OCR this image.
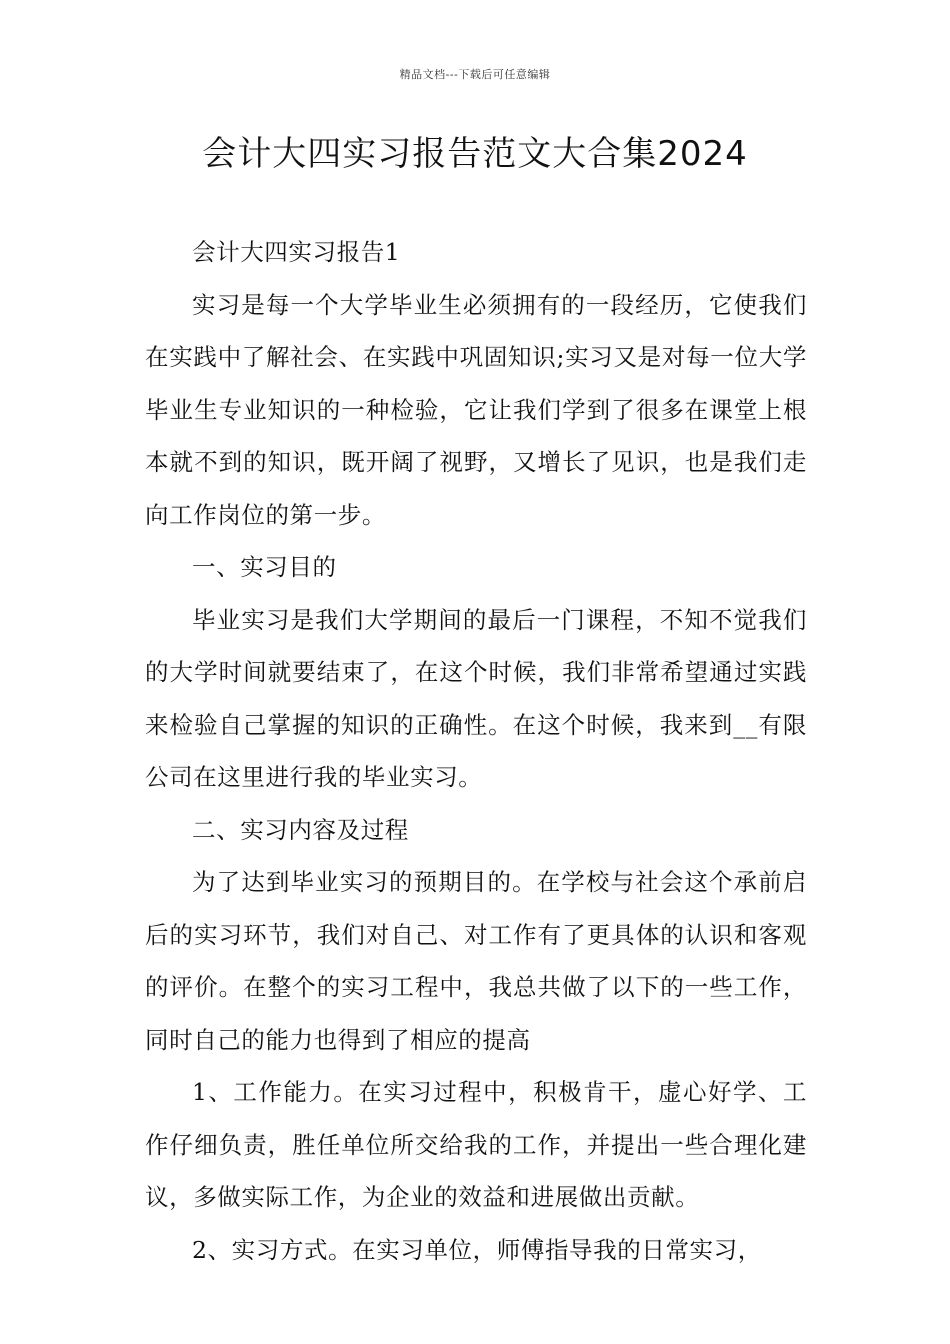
精品文档---下载后可任意编辑
会计大四实习报告范文大合集2024

会计大四实习报告1

实习是每一个大学毕业生必须拥有的一段经历，它使我们在实践中了解社会、在实践中巩固知识;实习又是对每一位大学毕业生专业知识的一种检验，它让我们学到了很多在课堂上根本就不到的知识，既开阔了视野，又增长了见识，也是我们走向工作岗位的第一步。

一、实习目的

毕业实习是我们大学期间的最后一门课程，不知不觉我们的大学时间就要结束了，在这个时候，我们非常希望通过实践来检验自己掌握的知识的正确性。在这个时候，我来到__有限公司在这里进行我的毕业实习。

二、实习内容及过程

为了达到毕业实习的预期目的。在学校与社会这个承前启后的实习环节，我们对自己、对工作有了更具体的认识和客观的评价。在整个的实习工程中，我总共做了以下的一些工作，同时自己的能力也得到了相应的提高

1、工作能力。在实习过程中，积极肯干，虚心好学、工作仔细负责，胜任单位所交给我的工作，并提出一些合理化建议，多做实际工作，为企业的效益和进展做出贡献。

2、实习方式。在实习单位，师傅指导我的日常实习，
